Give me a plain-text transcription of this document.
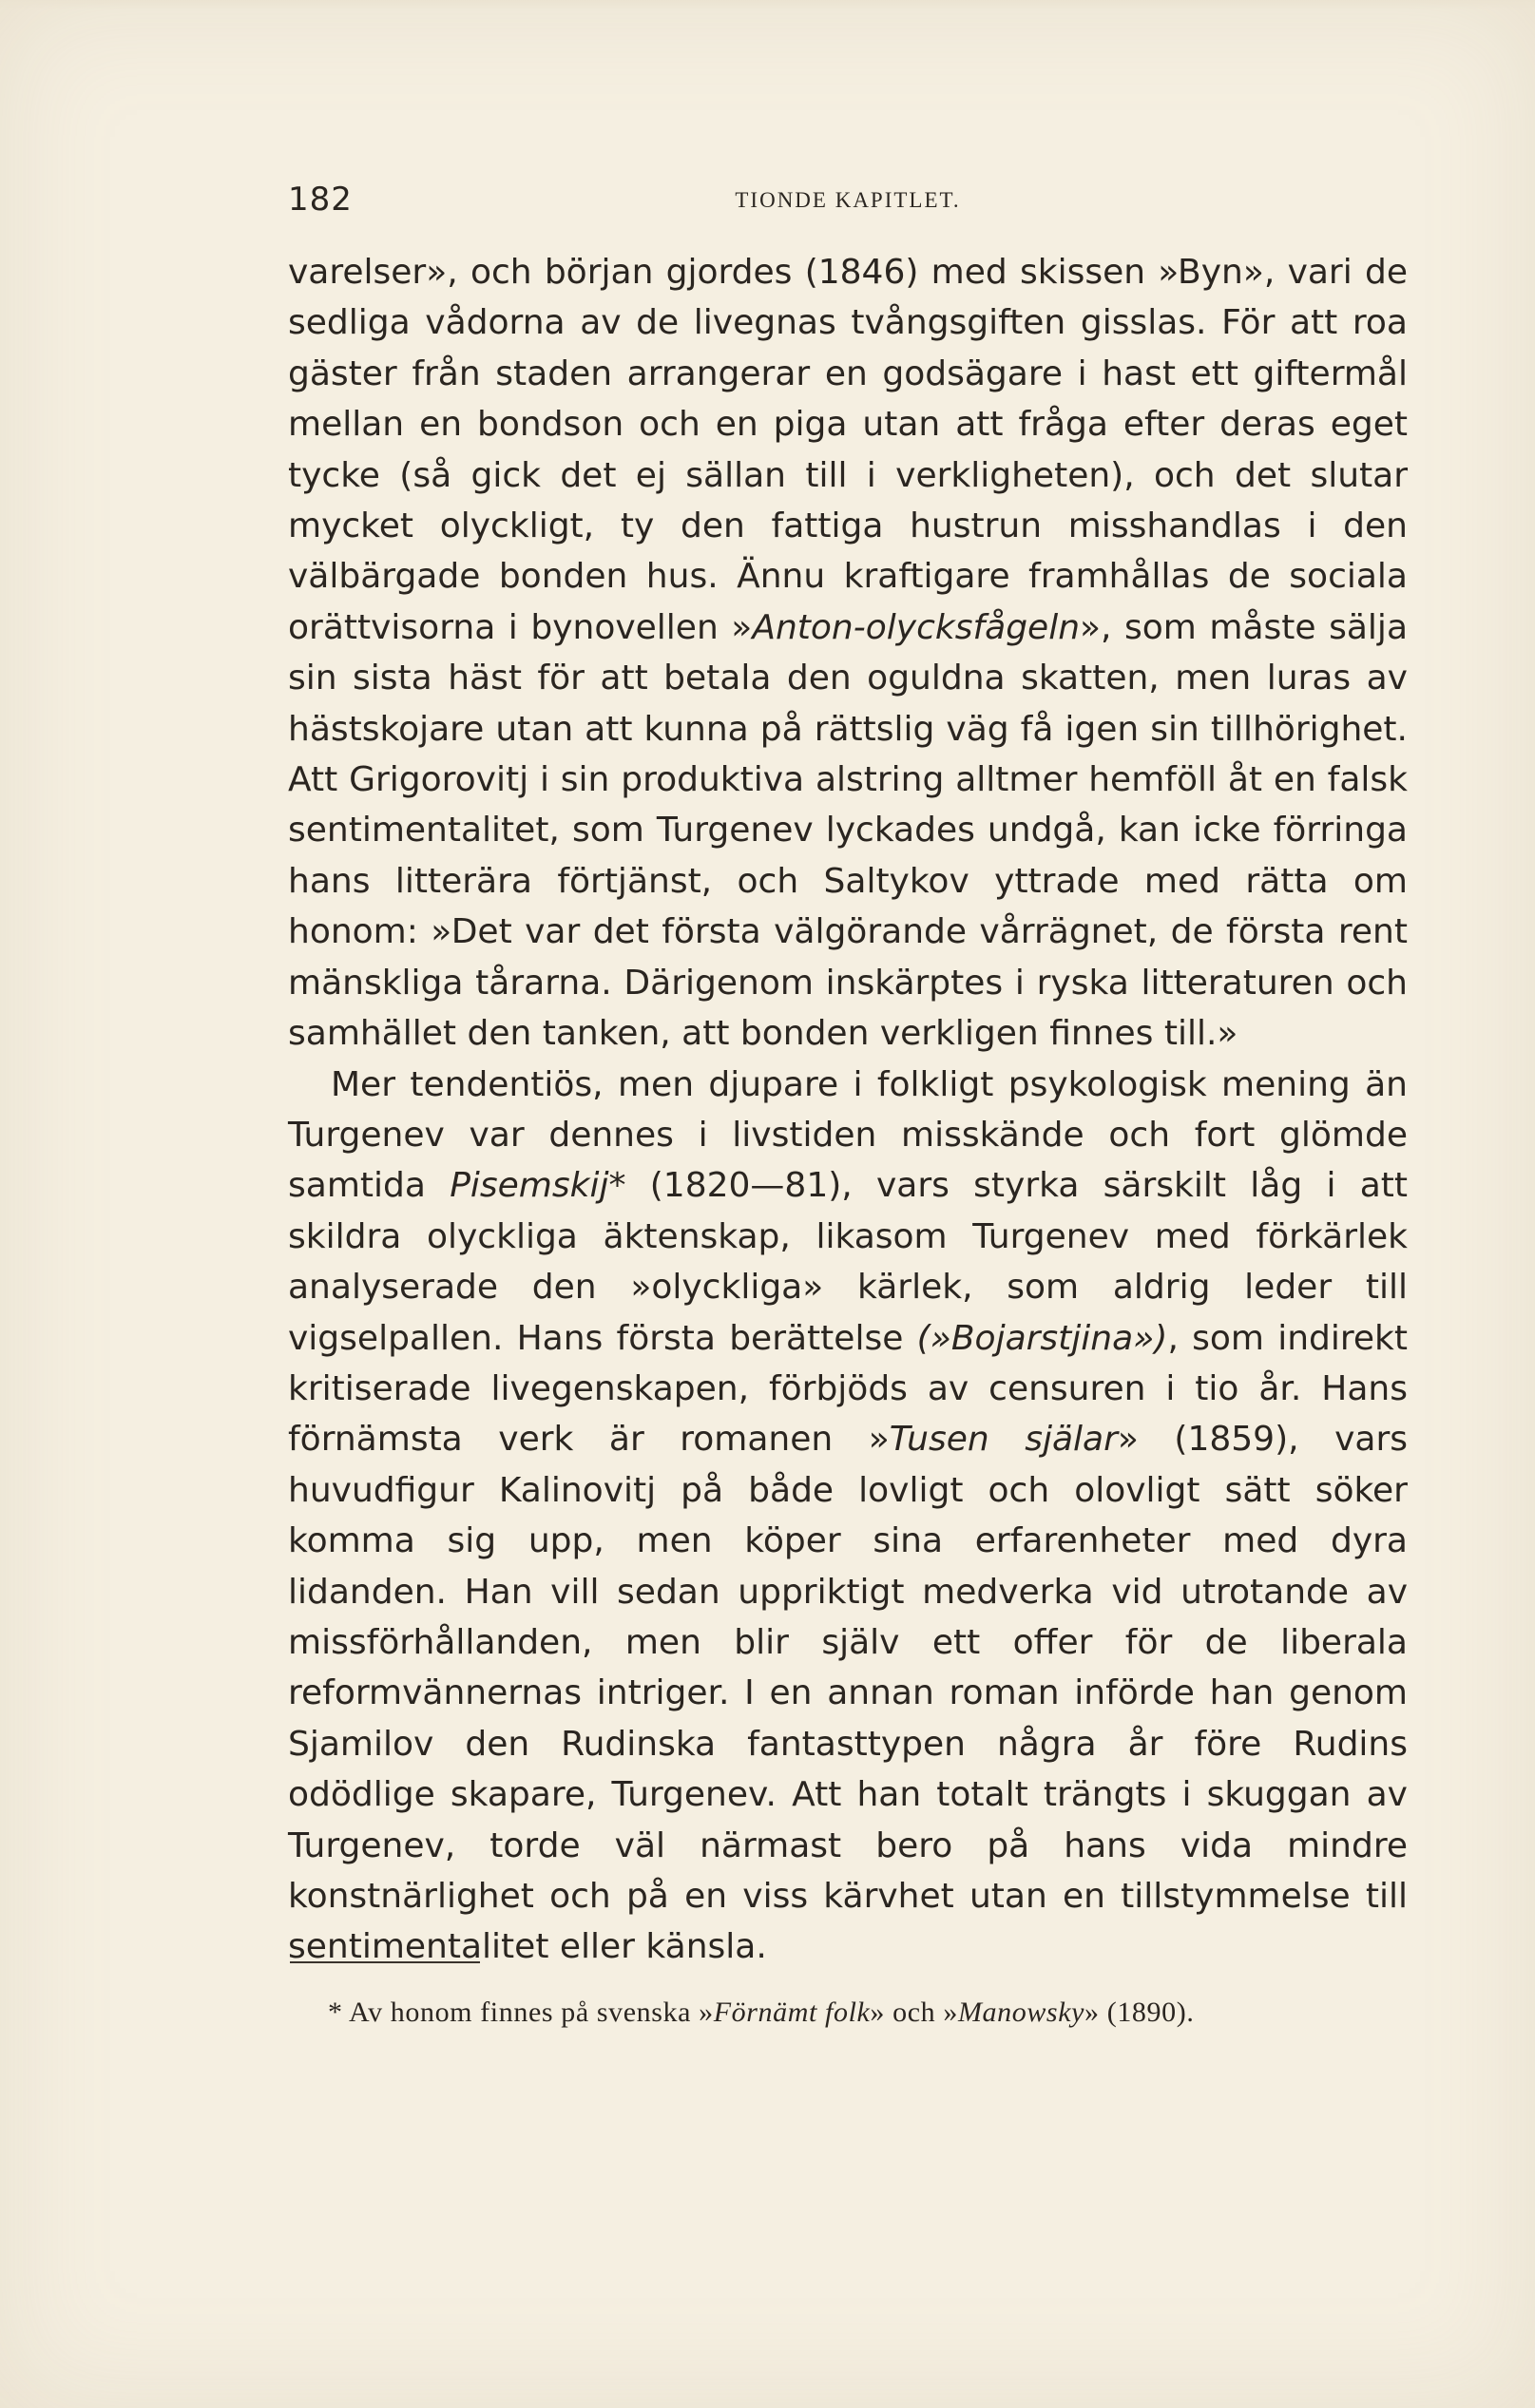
182	TIONDE KAPITLET.

varelser», och början gjordes (1846) med skissen »Byn», vari de sedliga vådorna av de livegnas tvångsgiften gisslas. För att roa gäster från staden arrangerar en godsägare i hast ett giftermål mellan en bondson och en piga utan att fråga efter deras eget tycke (så gick det ej sällan till i verkligheten), och det slutar mycket olyckligt, ty den fattiga hustrun misshandlas i den välbärgade bonden hus. Ännu kraftigare framhållas de sociala orättvisorna i bynovellen »Anton-olycksfågeln», som måste sälja sin sista häst för att betala den oguldna skatten, men luras av hästskojare utan att kunna på rättslig väg få igen sin tillhörighet. Att Grigorovitj i sin produktiva alstring alltmer hemföll åt en falsk sentimentalitet, som Turgenev lyckades undgå, kan icke förringa hans litterära förtjänst, och Saltykov yttrade med rätta om honom: »Det var det första välgörande vårrägnet, de första rent mänskliga tårarna. Därigenom inskärptes i ryska litteraturen och samhället den tanken, att bonden verkligen finnes till.»

Mer tendentiös, men djupare i folkligt psykologisk mening än Turgenev var dennes i livstiden misskände och fort glömde samtida Pisemskij* (1820—81), vars styrka särskilt låg i att skildra olyckliga äktenskap, likasom Turgenev med förkärlek analyserade den »olyckliga» kärlek, som aldrig leder till vigselpallen. Hans första berättelse (»Bojarstjina»), som indirekt kritiserade livegenskapen, förbjöds av censuren i tio år. Hans förnämsta verk är romanen »Tusen själar» (1859), vars huvudfigur Kalinovitj på både lovligt och olovligt sätt söker komma sig upp, men köper sina erfarenheter med dyra lidanden. Han vill sedan uppriktigt medverka vid utrotande av missförhållanden, men blir själv ett offer för de liberala reformvännernas intriger. I en annan roman införde han genom Sjamilov den Rudinska fantasttypen några år före Rudins odödlige skapare, Turgenev. Att han totalt trängts i skuggan av Turgenev, torde väl närmast bero på hans vida mindre konstnärlighet och på en viss kärvhet utan en tillstymmelse till sentimentalitet eller känsla.

* Av honom finnes på svenska »Förnämt folk» och »Manowsky» (1890).
